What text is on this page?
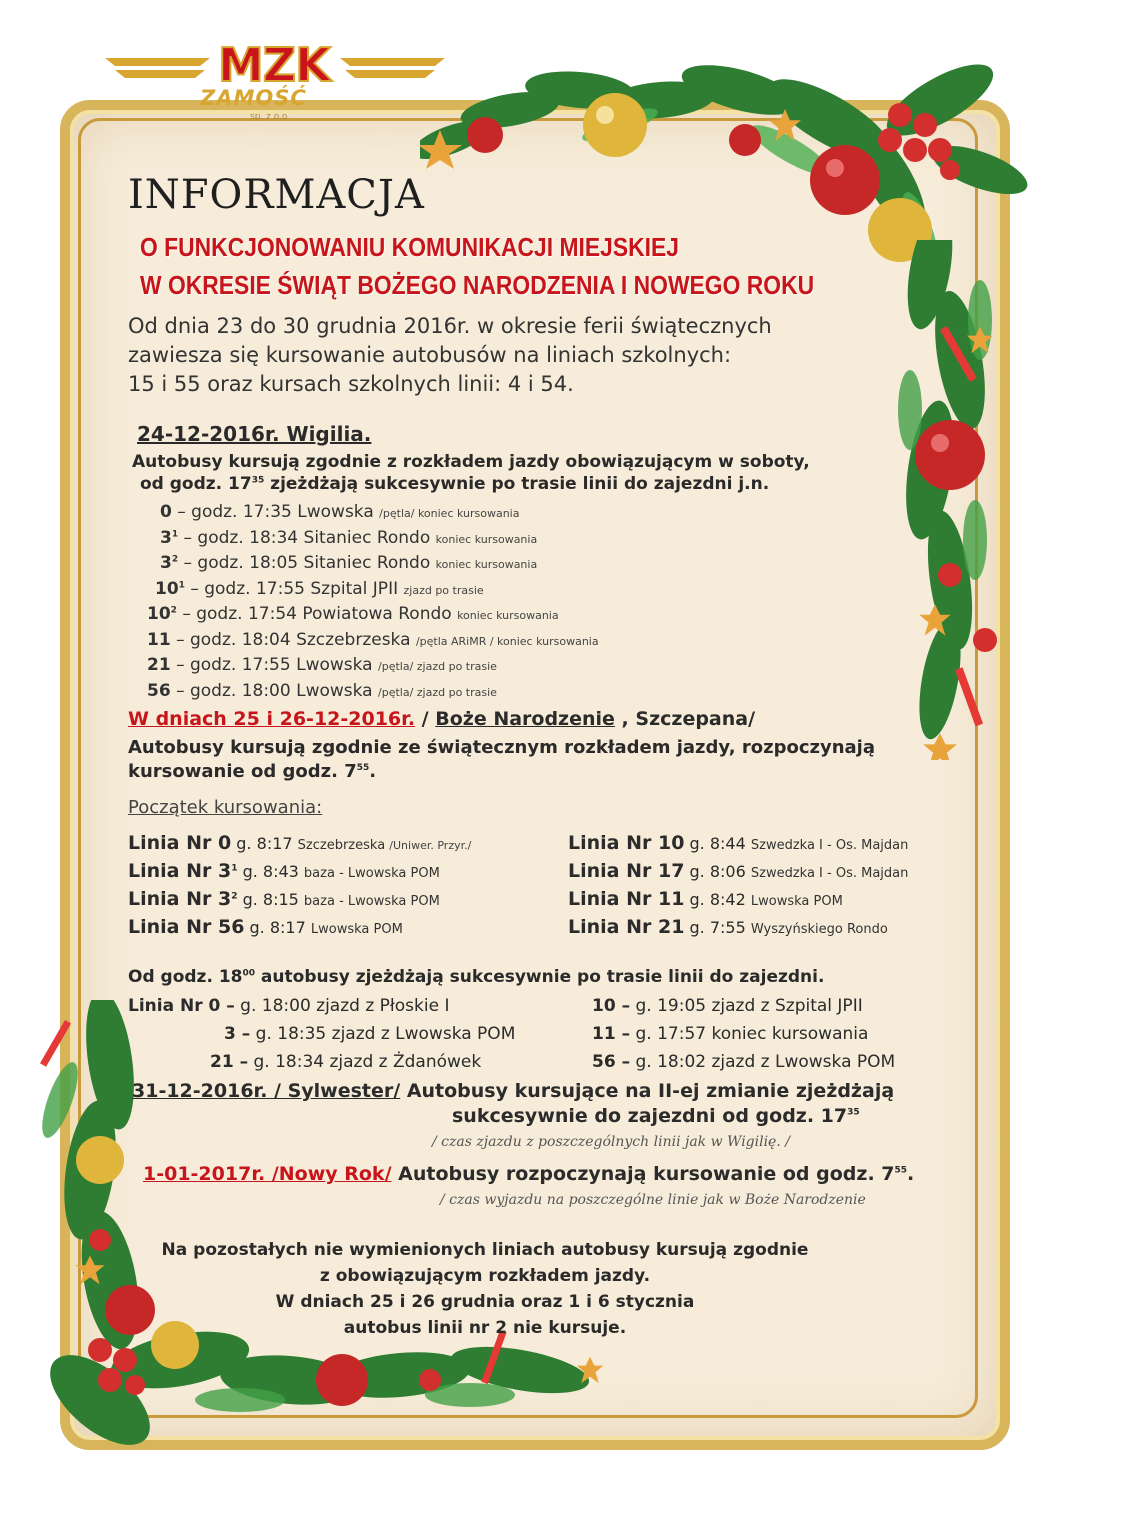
MZK
ZAMOŚĆ
sp. z o.o.
INFORMACJA
O FUNKCJONOWANIU KOMUNIKACJI MIEJSKIEJ
W OKRESIE ŚWIĄT BOŻEGO NARODZENIA I NOWEGO ROKU
Od dnia 23 do 30 grudnia 2016r. w okresie ferii świątecznych
zawiesza się kursowanie autobusów na liniach szkolnych:
15 i 55 oraz kursach szkolnych linii: 4 i 54.
24-12-2016r. Wigilia.
Autobusy kursują zgodnie z rozkładem jazdy obowiązującym w soboty,
od godz. $17^{35}$ zjeżdżają sukcesywnie po trasie linii do zajezdni j.n.
0 – godz. 17:35 Lwowska /pętla/ koniec kursowania
$3^1$ – godz. 18:34 Sitaniec Rondo koniec kursowania
$3^2$ – godz. 18:05 Sitaniec Rondo koniec kursowania
$10^1$ – godz. 17:55 Szpital JPII zjazd po trasie
$10^2$ – godz. 17:54 Powiatowa Rondo koniec kursowania
11 – godz. 18:04 Szczebrzeska /pętla ARiMR / koniec kursowania
21 – godz. 17:55 Lwowska /pętla/ zjazd po trasie
56 – godz. 18:00 Lwowska /pętla/ zjazd po trasie
W dniach 25 i 26-12-2016r. / Boże Narodzenie , Szczepana/
Autobusy kursują zgodnie ze świątecznym rozkładem jazdy, rozpoczynają
kursowanie od godz. $7^{55}$.
Początek kursowania:
Linia Nr 0 g. 8:17 Szczebrzeska /Uniwer. Przyr./
Linia Nr $3^1$ g. 8:43 baza - Lwowska POM
Linia Nr $3^2$ g. 8:15 baza - Lwowska POM
Linia Nr 56 g. 8:17 Lwowska POM
Linia Nr 10 g. 8:44 Szwedzka I - Os. Majdan
Linia Nr 17 g. 8:06 Szwedzka I - Os. Majdan
Linia Nr 11 g. 8:42 Lwowska POM
Linia Nr 21 g. 7:55 Wyszyńskiego Rondo
Od godz. $18^{00}$ autobusy zjeżdżają sukcesywnie po trasie linii do zajezdni.
Linia Nr 0 – g. 18:00 zjazd z Płoskie I
3 – g. 18:35 zjazd z Lwowska POM
21 – g. 18:34 zjazd z Żdanówek
10 – g. 19:05 zjazd z Szpital JPII
11 – g. 17:57 koniec kursowania
56 – g. 18:02 zjazd z Lwowska POM
31-12-2016r. / Sylwester/ Autobusy kursujące na II-ej zmianie zjeżdżają
sukcesywnie do zajezdni od godz. $17^{35}$
/ czas zjazdu z poszczególnych linii jak w Wigilię. /
1-01-2017r. /Nowy Rok/ Autobusy rozpoczynają kursowanie od godz. $7^{55}$.
/ czas wyjazdu na poszczególne linie jak w Boże Narodzenie
Na pozostałych nie wymienionych liniach autobusy kursują zgodnie
z obowiązującym rozkładem jazdy.
W dniach 25 i 26 grudnia oraz 1 i 6 stycznia
autobus linii nr 2 nie kursuje.
